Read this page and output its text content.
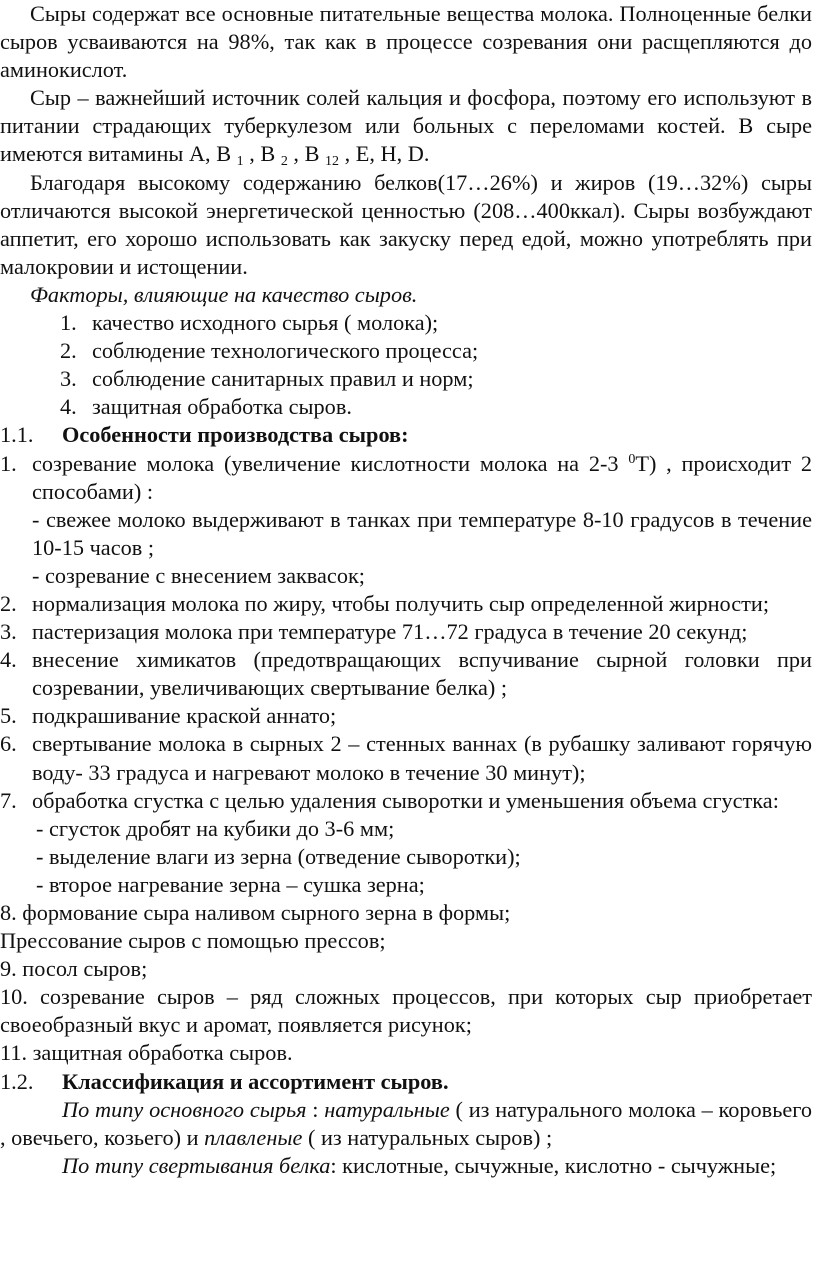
Сыры содержат все основные питательные вещества молока. Полноценные белки сыров усваиваются на 98%, так как в процессе созревания они расщепляются до аминокислот.

Сыр – важнейший источник солей кальция и фосфора, поэтому его используют в питании страдающих туберкулезом или больных с переломами костей. В сыре имеются витамины А, В $_1$ , В $_2$ , В $_{12}$ , Е, Н, D.

Благодаря высокому содержанию белков(17…26%) и жиров (19…32%) сыры отличаются высокой энергетической ценностью (208…400ккал). Сыры возбуждают аппетит, его хорошо использовать как закуску перед едой, можно употреблять при малокровии и истощении.

Факторы, влияющие на качество сыров.

1. качество исходного сырья ( молока);
2. соблюдение технологического процесса;
3. соблюдение санитарных правил и норм;
4. защитная обработка сыров.
1.1.	Особенности производства сыров:
1. созревание молока (увеличение кислотности молока на 2-3 $^0$Т) , происходит 2 способами) :

- свежее молоко выдерживают в танках при температуре 8-10 градусов в течение 10-15 часов ;

- созревание с внесением заквасок;

2. нормализация молока по жиру, чтобы получить сыр определенной жирности;
3. пастеризация молока при температуре 71…72 градуса в течение 20 секунд;
4. внесение химикатов (предотвращающих вспучивание сырной головки при созревании, увеличивающих свертывание белка) ;
5. подкрашивание краской аннато;
6. свертывание молока в сырных 2 – стенных ваннах (в рубашку заливают горячую воду- 33 градуса и нагревают молоко в течение 30 минут);
7. обработка сгустка с целью удаления сыворотки и уменьшения объема сгустка:

- сгусток дробят на кубики до 3-6 мм;

- выделение влаги из зерна (отведение сыворотки);

- второе нагревание зерна – сушка зерна;

8. формование сыра наливом сырного зерна в формы;

Прессование сыров с помощью прессов;

9. посол сыров;

10. созревание сыров – ряд сложных процессов, при которых сыр приобретает своеобразный вкус и аромат, появляется рисунок;

11. защитная обработка сыров.

1.2.	Классификация и ассортимент сыров.

По типу основного сырья : натуральные ( из натурального молока – коровьего , овечьего, козьего) и плавленые ( из натуральных сыров) ;

По типу свертывания белка: кислотные, сычужные, кислотно - сычужные;
